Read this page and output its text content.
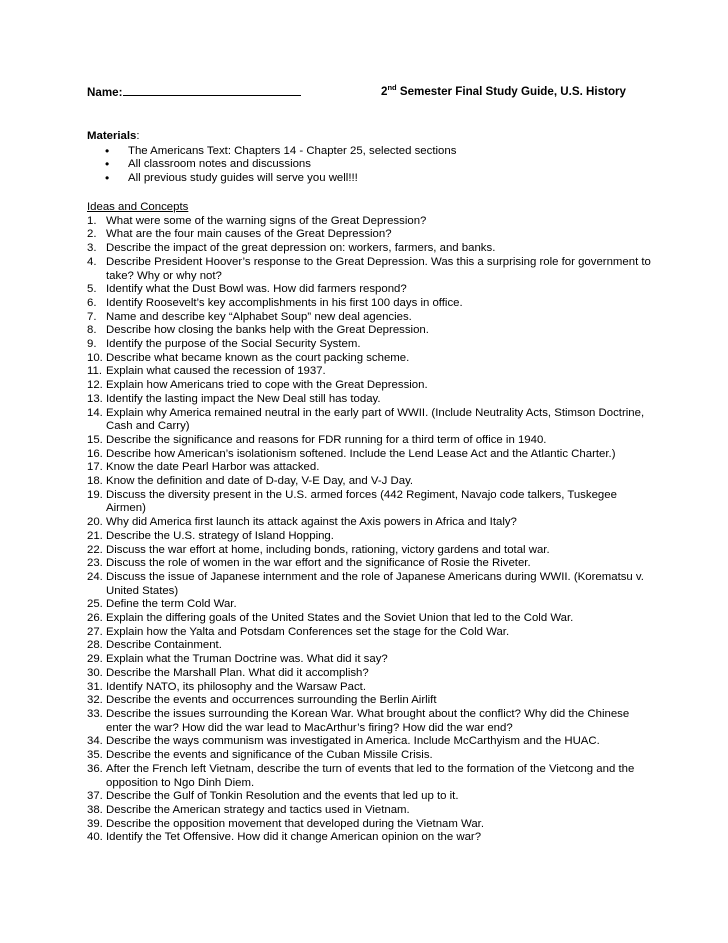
Name:	2nd Semester Final Study Guide, U.S. History
Materials:
• The Americans Text: Chapters 14 - Chapter 25, selected sections
• All classroom notes and discussions
• All previous study guides will serve you well!!!
Ideas and Concepts
1. What were some of the warning signs of the Great Depression?
2. What are the four main causes of the Great Depression?
3. Describe the impact of the great depression on: workers, farmers, and banks.
4. Describe President Hoover’s response to the Great Depression. Was this a surprising role for government to take? Why or why not?
5. Identify what the Dust Bowl was. How did farmers respond?
6. Identify Roosevelt’s key accomplishments in his first 100 days in office.
7. Name and describe key “Alphabet Soup” new deal agencies.
8. Describe how closing the banks help with the Great Depression.
9. Identify the purpose of the Social Security System.
10. Describe what became known as the court packing scheme.
11. Explain what caused the recession of 1937.
12. Explain how Americans tried to cope with the Great Depression.
13. Identify the lasting impact the New Deal still has today.
14. Explain why America remained neutral in the early part of WWII. (Include Neutrality Acts, Stimson Doctrine, Cash and Carry)
15. Describe the significance and reasons for FDR running for a third term of office in 1940.
16. Describe how American’s isolationism softened. Include the Lend Lease Act and the Atlantic Charter.)
17. Know the date Pearl Harbor was attacked.
18. Know the definition and date of D-day, V-E Day, and V-J Day.
19. Discuss the diversity present in the U.S. armed forces (442 Regiment, Navajo code talkers, Tuskegee Airmen)
20. Why did America first launch its attack against the Axis powers in Africa and Italy?
21. Describe the U.S. strategy of Island Hopping.
22. Discuss the war effort at home, including bonds, rationing, victory gardens and total war.
23. Discuss the role of women in the war effort and the significance of Rosie the Riveter.
24. Discuss the issue of Japanese internment and the role of Japanese Americans during WWII. (Korematsu v. United States)
25. Define the term Cold War.
26. Explain the differing goals of the United States and the Soviet Union that led to the Cold War.
27. Explain how the Yalta and Potsdam Conferences set the stage for the Cold War.
28. Describe Containment.
29. Explain what the Truman Doctrine was. What did it say?
30. Describe the Marshall Plan. What did it accomplish?
31. Identify NATO, its philosophy and the Warsaw Pact.
32. Describe the events and occurrences surrounding the Berlin Airlift
33. Describe the issues surrounding the Korean War. What brought about the conflict? Why did the Chinese enter the war? How did the war lead to MacArthur’s firing? How did the war end?
34. Describe the ways communism was investigated in America. Include McCarthyism and the HUAC.
35. Describe the events and significance of the Cuban Missile Crisis.
36. After the French left Vietnam, describe the turn of events that led to the formation of the Vietcong and the opposition to Ngo Dinh Diem.
37. Describe the Gulf of Tonkin Resolution and the events that led up to it.
38. Describe the American strategy and tactics used in Vietnam.
39. Describe the opposition movement that developed during the Vietnam War.
40. Identify the Tet Offensive. How did it change American opinion on the war?
